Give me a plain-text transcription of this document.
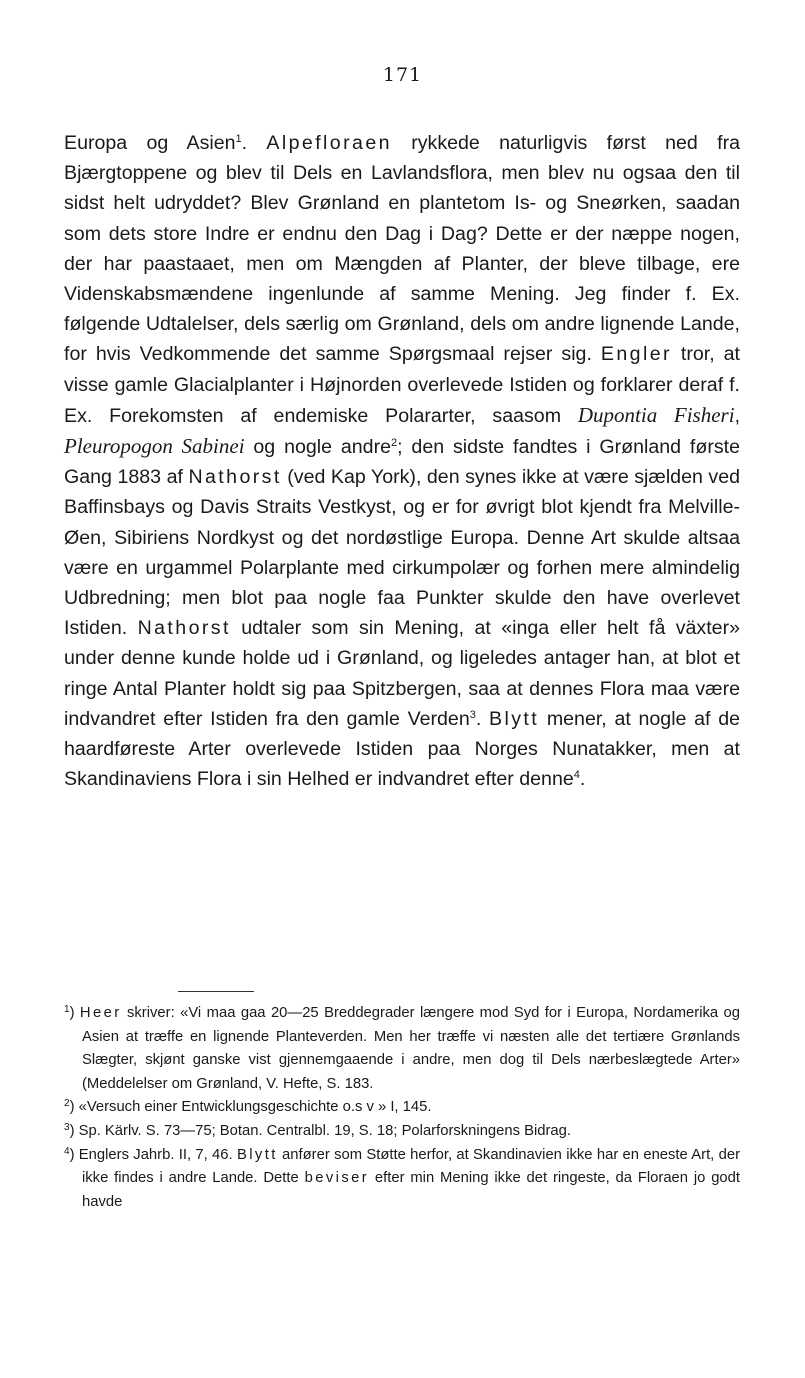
171

Europa og Asien$^1$. Alpefloraen rykkede naturligvis først ned fra Bjærgtoppene og blev til Dels en Lavlandsflora, men blev nu ogsaa den til sidst helt udryddet? Blev Grønland en plantetom Is- og Sneørken, saadan som dets store Indre er endnu den Dag i Dag? Dette er der næppe nogen, der har paastaaet, men om Mængden af Planter, der bleve tilbage, ere Videnskabsmændene ingenlunde af samme Mening. Jeg finder f. Ex. følgende Udtalelser, dels særlig om Grønland, dels om andre lignende Lande, for hvis Vedkommende det samme Spørgsmaal rejser sig. Engler tror, at visse gamle Glacialplanter i Højnorden overlevede Istiden og forklarer deraf f. Ex. Forekomsten af endemiske Polararter, saasom Dupontia Fisheri, Pleuropogon Sabinei og nogle andre$^2$; den sidste fandtes i Grønland første Gang 1883 af Nathorst (ved Kap York), den synes ikke at være sjælden ved Baffinsbays og Davis Straits Vestkyst, og er for øvrigt blot kjendt fra Melville-Øen, Sibiriens Nordkyst og det nordøstlige Europa. Denne Art skulde altsaa være en urgammel Polarplante med cirkumpolær og forhen mere almindelig Udbredning; men blot paa nogle faa Punkter skulde den have overlevet Istiden. Nathorst udtaler som sin Mening, at «inga eller helt få växter» under denne kunde holde ud i Grønland, og ligeledes antager han, at blot et ringe Antal Planter holdt sig paa Spitzbergen, saa at dennes Flora maa være indvandret efter Istiden fra den gamle Verden$^3$. Blytt mener, at nogle af de haardføreste Arter overlevede Istiden paa Norges Nunatakker, men at Skandinaviens Flora i sin Helhed er indvandret efter denne$^4$.

$^1$) Heer skriver: «Vi maa gaa 20—25 Breddegrader længere mod Syd for i Europa, Nordamerika og Asien at træffe en lignende Planteverden. Men her træffe vi næsten alle det tertiære Grønlands Slægter, skjønt ganske vist gjennemgaaende i andre, men dog til Dels nærbeslægtede Arter» (Meddelelser om Grønland, V. Hefte, S. 183.

$^2$) «Versuch einer Entwicklungsgeschichte o.s v » I, 145.

$^3$) Sp. Kärlv. S. 73—75; Botan. Centralbl. 19, S. 18; Polarforskningens Bidrag.

$^4$) Englers Jahrb. II, 7, 46. Blytt anfører som Støtte herfor, at Skandinavien ikke har en eneste Art, der ikke findes i andre Lande. Dette beviser efter min Mening ikke det ringeste, da Floraen jo godt havde
